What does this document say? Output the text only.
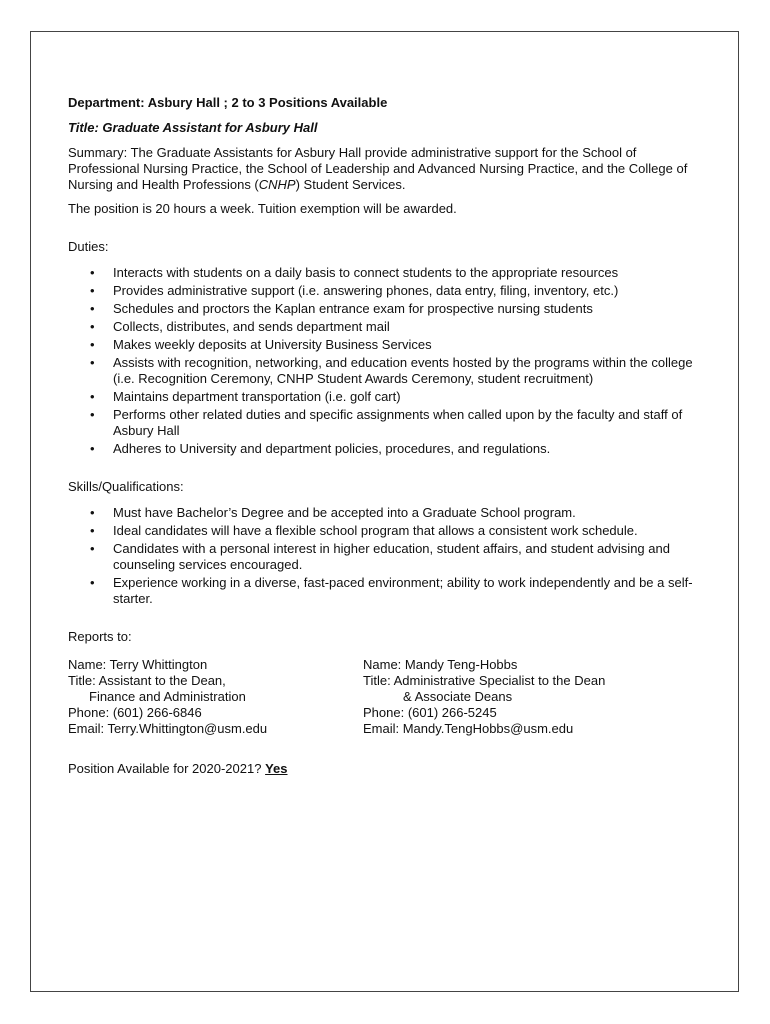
Department: Asbury Hall ; 2 to 3 Positions Available
Title: Graduate Assistant for Asbury Hall
Summary: The Graduate Assistants for Asbury Hall provide administrative support for the School of Professional Nursing Practice, the School of Leadership and Advanced Nursing Practice, and the College of Nursing and Health Professions (CNHP) Student Services.
The position is 20 hours a week. Tuition exemption will be awarded.
Duties:
• Interacts with students on a daily basis to connect students to the appropriate resources
• Provides administrative support (i.e. answering phones, data entry, filing, inventory, etc.)
• Schedules and proctors the Kaplan entrance exam for prospective nursing students
• Collects, distributes, and sends department mail
• Makes weekly deposits at University Business Services
• Assists with recognition, networking, and education events hosted by the programs within the college (i.e. Recognition Ceremony, CNHP Student Awards Ceremony, student recruitment)
• Maintains department transportation (i.e. golf cart)
• Performs other related duties and specific assignments when called upon by the faculty and staff of Asbury Hall
• Adheres to University and department policies, procedures, and regulations.
Skills/Qualifications:
• Must have Bachelor’s Degree and be accepted into a Graduate School program.
• Ideal candidates will have a flexible school program that allows a consistent work schedule.
• Candidates with a personal interest in higher education, student affairs, and student advising and counseling services encouraged.
• Experience working in a diverse, fast-paced environment; ability to work independently and be a self-starter.
Reports to:
Name: Terry Whittington
Title: Assistant to the Dean,
Finance and Administration
Phone: (601) 266-6846
Email: Terry.Whittington@usm.edu
Name: Mandy Teng-Hobbs
Title: Administrative Specialist to the Dean
& Associate Deans
Phone: (601) 266-5245
Email: Mandy.TengHobbs@usm.edu
Position Available for 2020-2021? Yes
